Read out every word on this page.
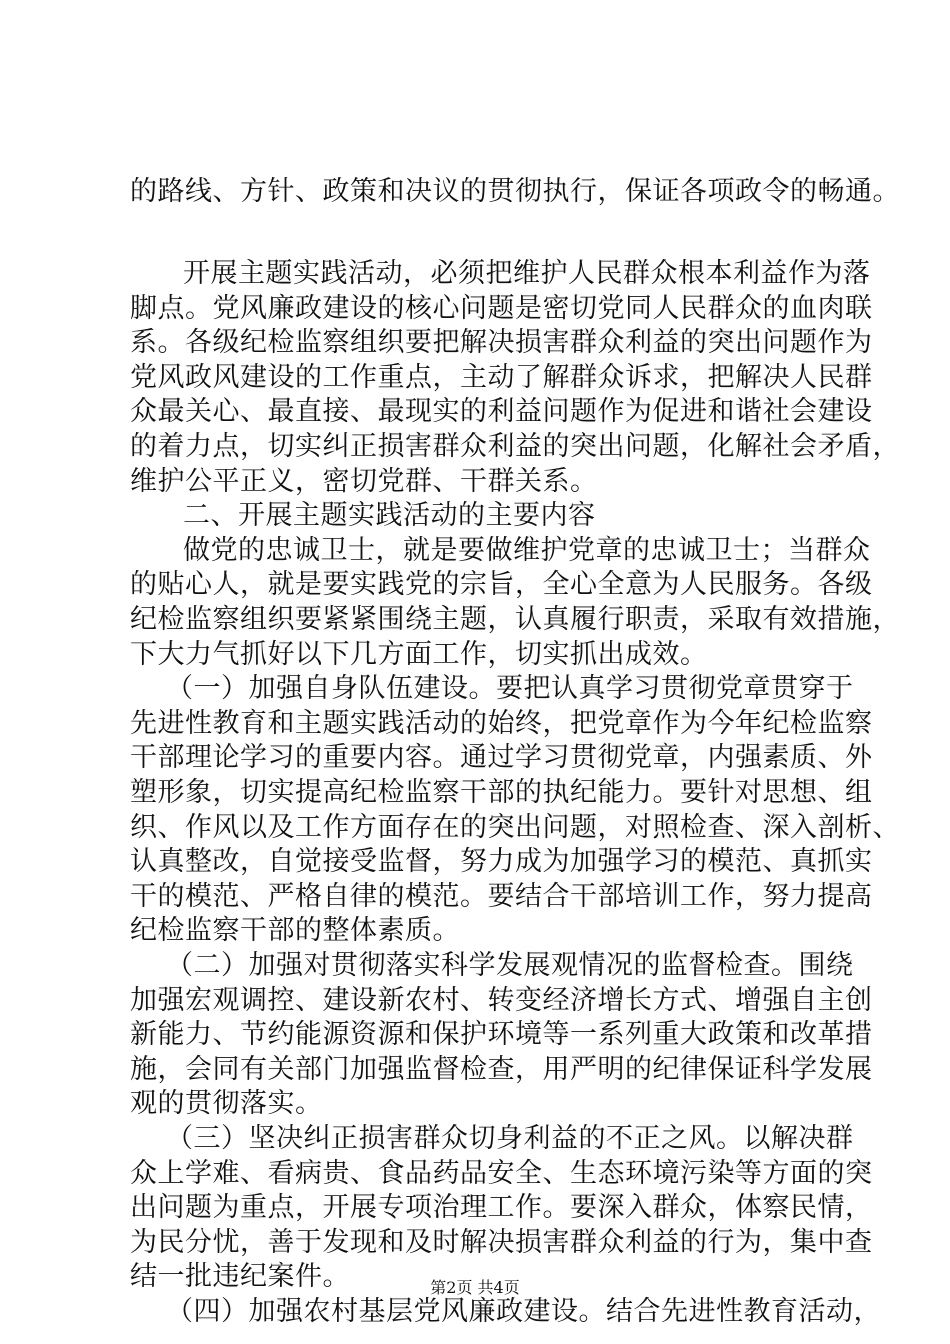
的路线、方针、政策和决议的贯彻执行，保证各项政令的畅通。
开展主题实践活动，必须把维护人民群众根本利益作为落
脚点。党风廉政建设的核心问题是密切党同人民群众的血肉联
系。各级纪检监察组织要把解决损害群众利益的突出问题作为
党风政风建设的工作重点，主动了解群众诉求，把解决人民群
众最关心、最直接、最现实的利益问题作为促进和谐社会建设
的着力点，切实纠正损害群众利益的突出问题，化解社会矛盾，
维护公平正义，密切党群、干群关系。
二、开展主题实践活动的主要内容
做党的忠诚卫士，就是要做维护党章的忠诚卫士；当群众
的贴心人，就是要实践党的宗旨，全心全意为人民服务。各级
纪检监察组织要紧紧围绕主题，认真履行职责，采取有效措施，
下大力气抓好以下几方面工作，切实抓出成效。
（一）加强自身队伍建设。要把认真学习贯彻党章贯穿于
先进性教育和主题实践活动的始终，把党章作为今年纪检监察
干部理论学习的重要内容。通过学习贯彻党章，内强素质、外
塑形象，切实提高纪检监察干部的执纪能力。要针对思想、组
织、作风以及工作方面存在的突出问题，对照检查、深入剖析、
认真整改，自觉接受监督，努力成为加强学习的模范、真抓实
干的模范、严格自律的模范。要结合干部培训工作，努力提高
纪检监察干部的整体素质。
（二）加强对贯彻落实科学发展观情况的监督检查。围绕
加强宏观调控、建设新农村、转变经济增长方式、增强自主创
新能力、节约能源资源和保护环境等一系列重大政策和改革措
施，会同有关部门加强监督检查，用严明的纪律保证科学发展
观的贯彻落实。
（三）坚决纠正损害群众切身利益的不正之风。以解决群
众上学难、看病贵、食品药品安全、生态环境污染等方面的突
出问题为重点，开展专项治理工作。要深入群众，体察民情，
为民分忧，善于发现和及时解决损害群众利益的行为，集中查
结一批违纪案件。
（四）加强农村基层党风廉政建设。结合先进性教育活动，
第2页 共4页
